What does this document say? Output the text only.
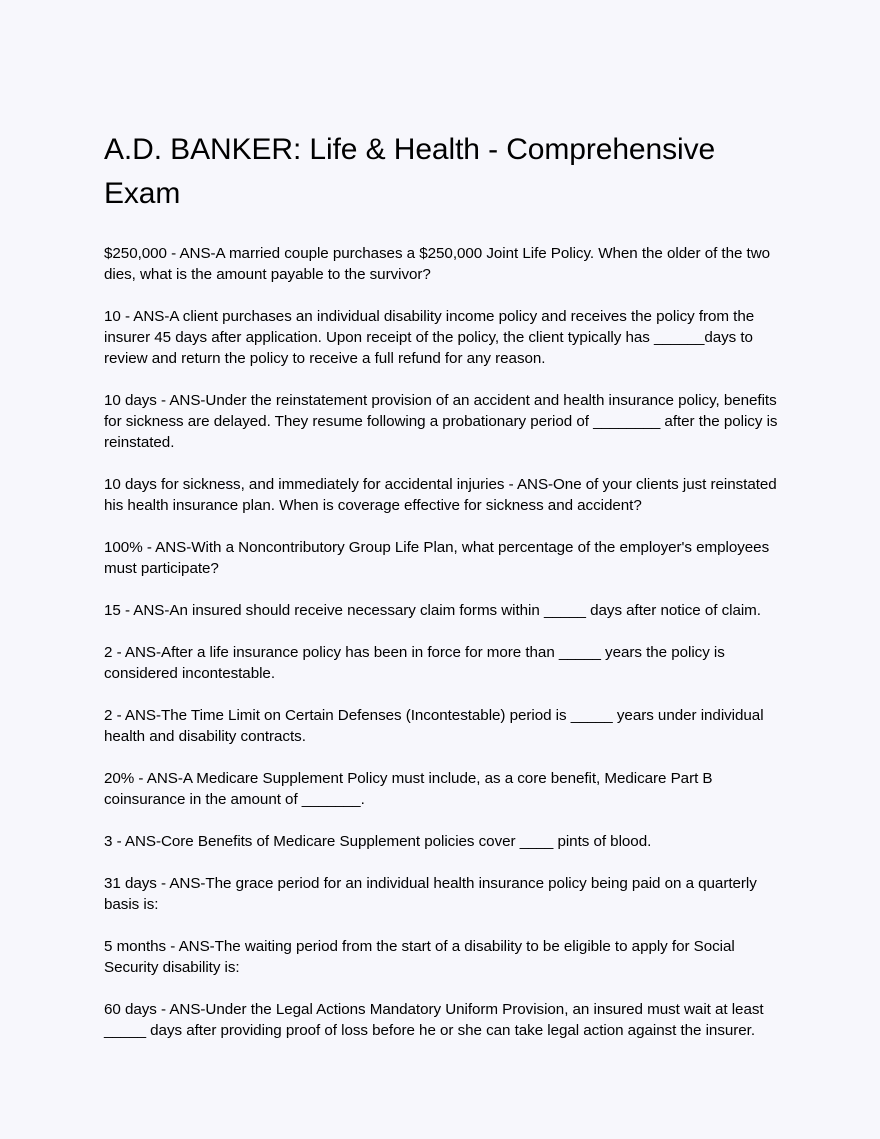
A.D. BANKER: Life & Health - Comprehensive Exam

$250,000 - ANS-A married couple purchases a $250,000 Joint Life Policy. When the older of the two dies, what is the amount payable to the survivor?

10 - ANS-A client purchases an individual disability income policy and receives the policy from the insurer 45 days after application. Upon receipt of the policy, the client typically has ______days to review and return the policy to receive a full refund for any reason.

10 days - ANS-Under the reinstatement provision of an accident and health insurance policy, benefits for sickness are delayed. They resume following a probationary period of ________ after the policy is reinstated.

10 days for sickness, and immediately for accidental injuries - ANS-One of your clients just reinstated his health insurance plan. When is coverage effective for sickness and accident?

100% - ANS-With a Noncontributory Group Life Plan, what percentage of the employer's employees must participate?

15 - ANS-An insured should receive necessary claim forms within _____ days after notice of claim.

2 - ANS-After a life insurance policy has been in force for more than _____ years the policy is considered incontestable.

2 - ANS-The Time Limit on Certain Defenses (Incontestable) period is _____ years under individual health and disability contracts.

20% - ANS-A Medicare Supplement Policy must include, as a core benefit, Medicare Part B coinsurance in the amount of _______.

3 - ANS-Core Benefits of Medicare Supplement policies cover ____ pints of blood.

31 days - ANS-The grace period for an individual health insurance policy being paid on a quarterly basis is:

5 months - ANS-The waiting period from the start of a disability to be eligible to apply for Social Security disability is:

60 days - ANS-Under the Legal Actions Mandatory Uniform Provision, an insured must wait at least _____ days after providing proof of loss before he or she can take legal action against the insurer.
